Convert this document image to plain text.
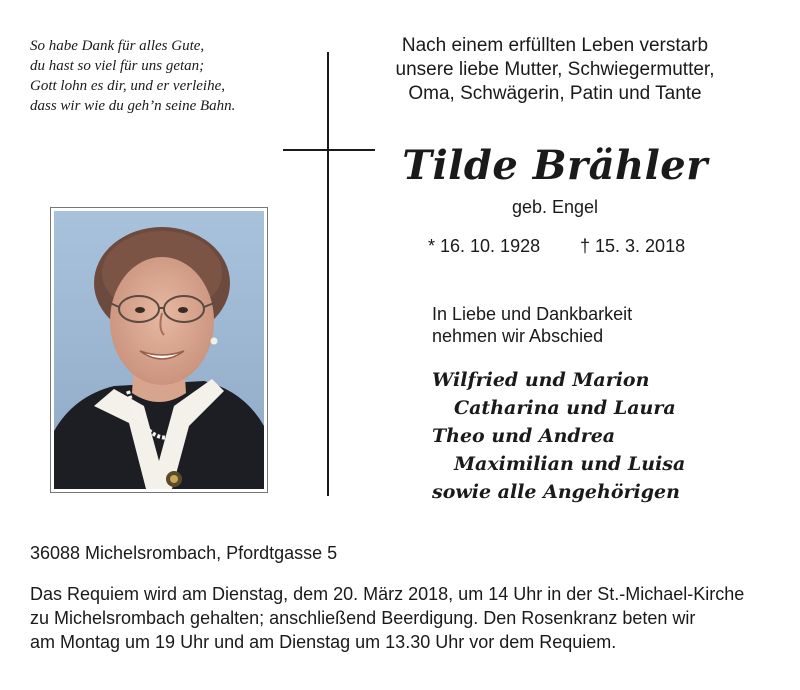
So habe Dank für alles Gute,
du hast so viel für uns getan;
Gott lohn es dir, und er verleihe,
dass wir wie du geh’n seine Bahn.
Nach einem erfüllten Leben verstarb
unsere liebe Mutter, Schwiegermutter,
Oma, Schwägerin, Patin und Tante
Tilde Brähler
geb. Engel
* 16. 10. 1928 † 15. 3. 2018
In Liebe und Dankbarkeit
nehmen wir Abschied
Wilfried und Marion
Catharina und Laura
Theo und Andrea
Maximilian und Luisa
sowie alle Angehörigen
36088 Michelsrombach, Pfordtgasse 5
Das Requiem wird am Dienstag, dem 20. März 2018, um 14 Uhr in der St.-Michael-Kirche
zu Michelsrombach gehalten; anschließend Beerdigung. Den Rosenkranz beten wir
am Montag um 19 Uhr und am Dienstag um 13.30 Uhr vor dem Requiem.
